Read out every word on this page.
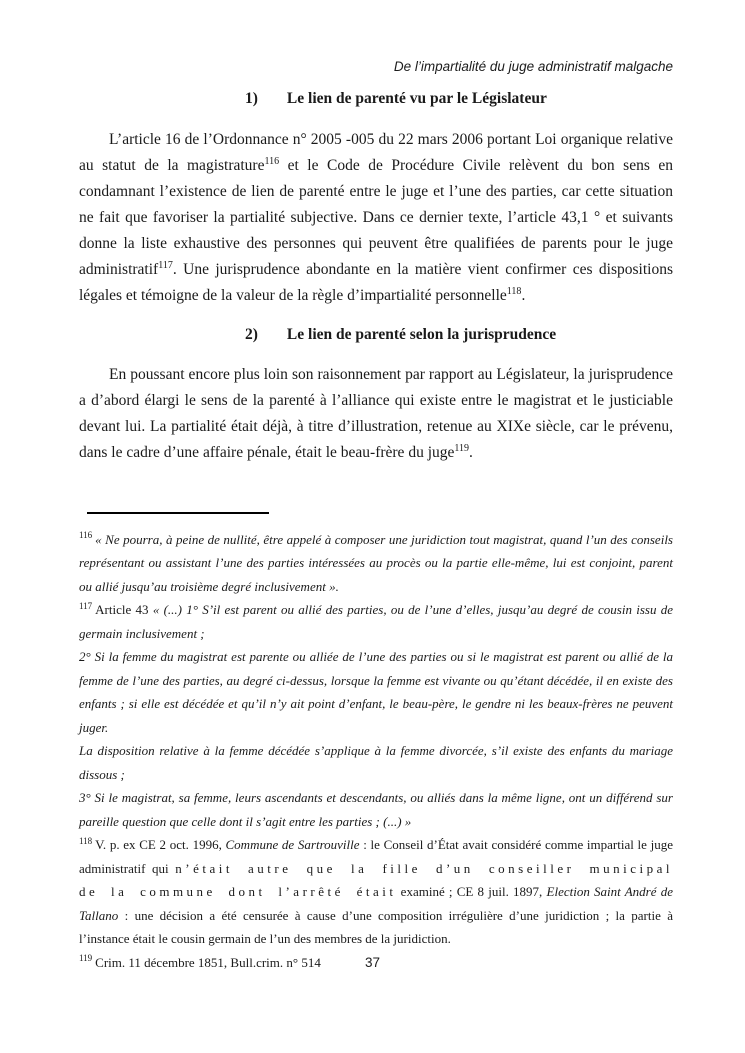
De l’impartialité du juge administratif malgache
1) Le lien de parenté vu par le Législateur

L’article 16 de l’Ordonnance n° 2005 -005 du 22 mars 2006 portant Loi organique relative au statut de la magistrature$^{116}$ et le Code de Procédure Civile relèvent du bon sens en condamnant l’existence de lien de parenté entre le juge et l’une des parties, car cette situation ne fait que favoriser la partialité subjective. Dans ce dernier texte, l’article 43,1 ° et suivants donne la liste exhaustive des personnes qui peuvent être qualifiées de parents pour le juge administratif$^{117}$. Une jurisprudence abondante en la matière vient confirmer ces dispositions légales et témoigne de la valeur de la règle d’impartialité personnelle$^{118}$.

2) Le lien de parenté selon la jurisprudence

En poussant encore plus loin son raisonnement par rapport au Législateur, la jurisprudence a d’abord élargi le sens de la parenté à l’alliance qui existe entre le magistrat et le justiciable devant lui. La partialité était déjà, à titre d’illustration, retenue au XIXe siècle, car le prévenu, dans le cadre d’une affaire pénale, était le beau-frère du juge$^{119}$.

$^{116}$ « Ne pourra, à peine de nullité, être appelé à composer une juridiction tout magistrat, quand l’un des conseils représentant ou assistant l’une des parties intéressées au procès ou la partie elle-même, lui est conjoint, parent ou allié jusqu’au troisième degré inclusivement ».

$^{117}$ Article 43 « (...) 1° S’il est parent ou allié des parties, ou de l’une d’elles, jusqu’au degré de cousin issu de germain inclusivement ;

2° Si la femme du magistrat est parente ou alliée de l’une des parties ou si le magistrat est parent ou allié de la femme de l’une des parties, au degré ci-dessus, lorsque la femme est vivante ou qu’étant décédée, il en existe des enfants ; si elle est décédée et qu’il n’y ait point d’enfant, le beau-père, le gendre ni les beaux-frères ne peuvent juger.

La disposition relative à la femme décédée s’applique à la femme divorcée, s’il existe des enfants du mariage dissous ;

3° Si le magistrat, sa femme, leurs ascendants et descendants, ou alliés dans la même ligne, ont un différend sur pareille question que celle dont il s’agit entre les parties ; (...) »

$^{118}$ V. p. ex CE 2 oct. 1996, Commune de Sartrouville : le Conseil d’État avait considéré comme impartial le juge administratif qui n’était autre que la fille d’un conseiller municipal de la commune dont l’arrêté était examiné ; CE 8 juil. 1897, Election Saint André de Tallano : une décision a été censurée à cause d’une composition irrégulière d’une juridiction ; la partie à l’instance était le cousin germain de l’un des membres de la juridiction.

$^{119}$ Crim. 11 décembre 1851, Bull.crim. n° 514	37
